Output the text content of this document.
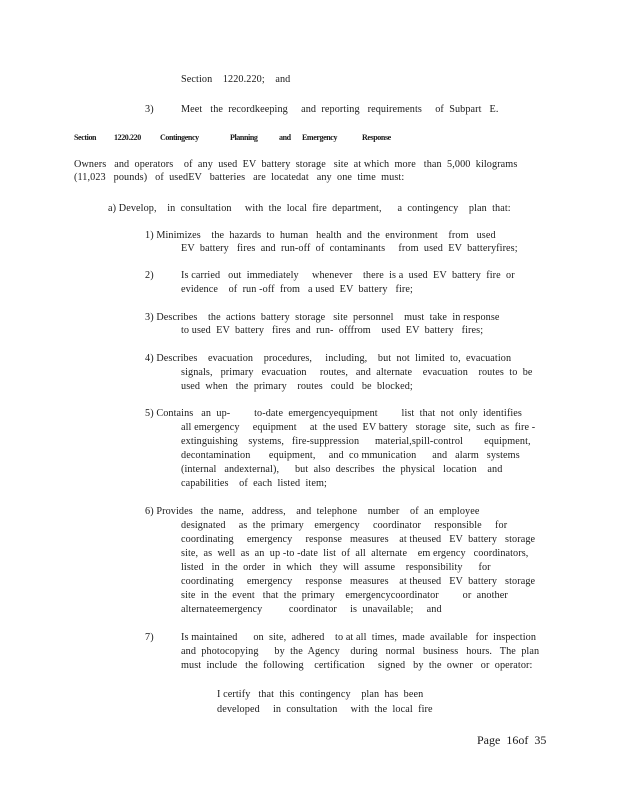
Section    1220.220;    and
3)	Meet   the  recordkeeping     and  reporting   requirements     of  Subpart   E.
Section 1220.220 Contingency	Planning	and Emergency	Response
Owners   and  operators    of  any  used  EV  battery  storage   site  at which  more   than  5,000  kilograms
(11,023   pounds)   of  usedEV   batteries   are  locatedat   any  one  time  must:
a) Develop,    in  consultation     with  the  local  fire  department,      a  contingency    plan  that:
1) Minimizes    the  hazards  to  human   health  and  the  environment    from   used
EV  battery   fires  and  run-off  of  contaminants     from  used  EV  batteryfires;
2)	Is carried   out  immediately     whenever    there  is a  used  EV  battery  fire  or
evidence    of  run -off  from   a used  EV  battery   fire;
3) Describes    the  actions  battery  storage   site  personnel    must  take  in response
to used  EV  battery   fires  and  run-  offfrom    used  EV  battery   fires;
4) Describes    evacuation    procedures,     including,    but  not  limited  to,  evacuation
signals,   primary   evacuation     routes,   and  alternate    evacuation    routes  to  be
used  when   the  primary    routes   could   be  blocked;
5) Contains   an  up-         to-date  emergencyequipment         list  that  not  only  identifies
all emergency     equipment     at  the used  EV battery   storage   site,  such  as  fire -
extinguishing    systems,   fire-suppression      material,spill-control        equipment,
decontamination       equipment,     and  co mmunication      and   alarm   systems
(internal   andexternal),      but  also  describes   the  physical   location    and
capabilities    of  each  listed  item;
6) Provides   the  name,   address,    and  telephone    number    of  an  employee
designated     as  the  primary    emergency     coordinator     responsible     for
coordinating     emergency     response   measures    at theused   EV  battery   storage
site,  as  well  as  an  up -to -date  list  of  all  alternate    em ergency   coordinators,
listed   in  the  order   in  which   they  will  assume    responsibility      for
coordinating     emergency     response   measures    at theused   EV  battery   storage
site  in  the  event   that  the  primary    emergencycoordinator         or  another
alternateemergency          coordinator     is  unavailable;     and
7)	Is maintained      on  site,  adhered    to at all  times,  made  available   for  inspection
and  photocopying      by  the  Agency    during   normal   business   hours.   The  plan
must  include   the  following    certification     signed   by  the  owner   or  operator:
I certify   that  this  contingency    plan  has  been
developed     in  consultation     with  the  local  fire
Page  16of  35
